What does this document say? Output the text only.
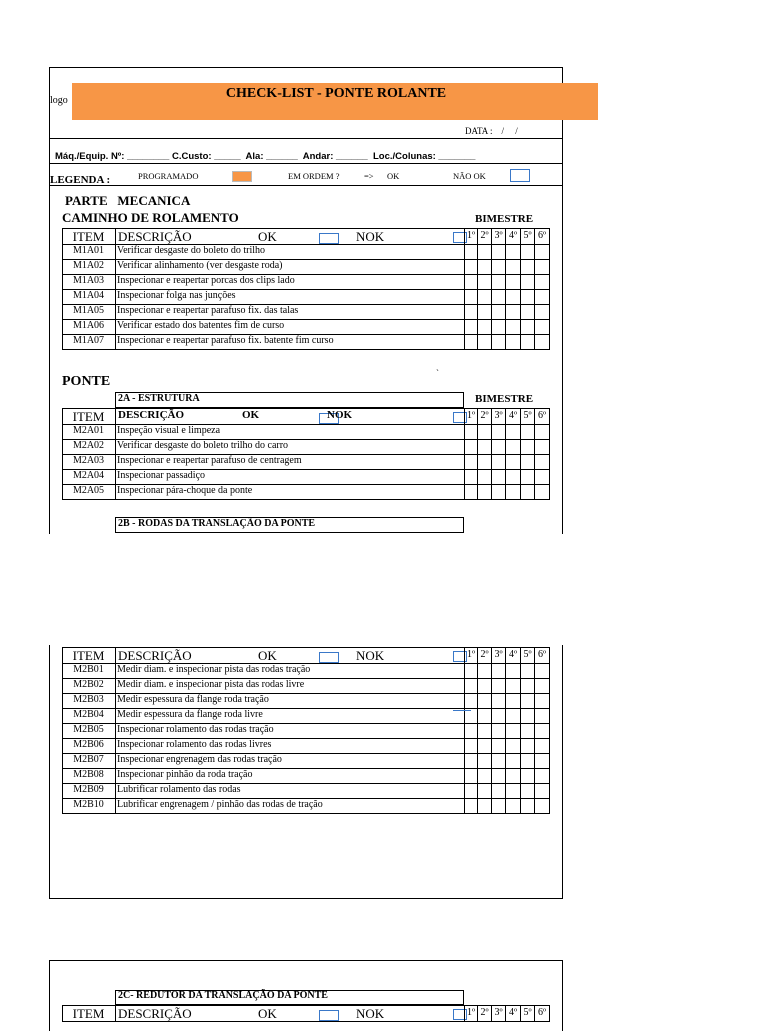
logo	CHECK-LIST - PONTE ROLANTE
DATA :    /     /
Máq./Equip. Nº: ________ C.Custo: _____  Ala: ______  Andar: ______  Loc./Colunas: _______
LEGENDA :	PROGRAMADO	EM ORDEM ?	=> OK	NÃO OK
PARTE   MECANICA
CAMINHO DE ROLAMENTO	BIMESTRE
ITEM	DESCRIÇÃO	OK	NOK	1º 2º 3º 4º 5º 6º
M1A01	Verificar desgaste do boleto do trilho
M1A02	Verificar alinhamento (ver desgaste roda)
M1A03	Inspecionar e reapertar porcas dos clips lado
M1A04	Inspecionar folga nas junções
M1A05	Inspecionar e reapertar parafuso fix. das talas
M1A06	Verificar estado dos batentes fim de curso
M1A07	Inspecionar e reapertar parafuso fix. batente fim curso
PONTE
`
2A - ESTRUTURA	BIMESTRE
ITEM	DESCRIÇÃO	OK	NOK	1º 2º 3º 4º 5º 6º
M2A01	Inspeção visual e limpeza
M2A02	Verificar desgaste do boleto trilho do carro
M2A03	Inspecionar e reapertar parafuso de centragem
M2A04	Inspecionar passadiço
M2A05	Inspecionar pára-choque da ponte
2B - RODAS DA TRANSLAÇÃO DA PONTE
ITEM	DESCRIÇÃO	OK	NOK	1º 2º 3º 4º 5º 6º
M2B01	Medir diam. e inspecionar pista das rodas tração
M2B02	Medir diam. e inspecionar pista das rodas livre
M2B03	Medir espessura da flange roda tração
M2B04	Medir espessura da flange roda livre
M2B05	Inspecionar rolamento das rodas tração
M2B06	Inspecionar rolamento das rodas livres
M2B07	Inspecionar engrenagem das rodas tração
M2B08	Inspecionar pinhão da roda tração
M2B09	Lubrificar rolamento das rodas
M2B10	Lubrificar engrenagem / pinhão das rodas de tração
2C- REDUTOR DA TRANSLAÇÃO DA PONTE
ITEM	DESCRIÇÃO	OK	NOK	1º 2º 3º 4º 5º 6º
